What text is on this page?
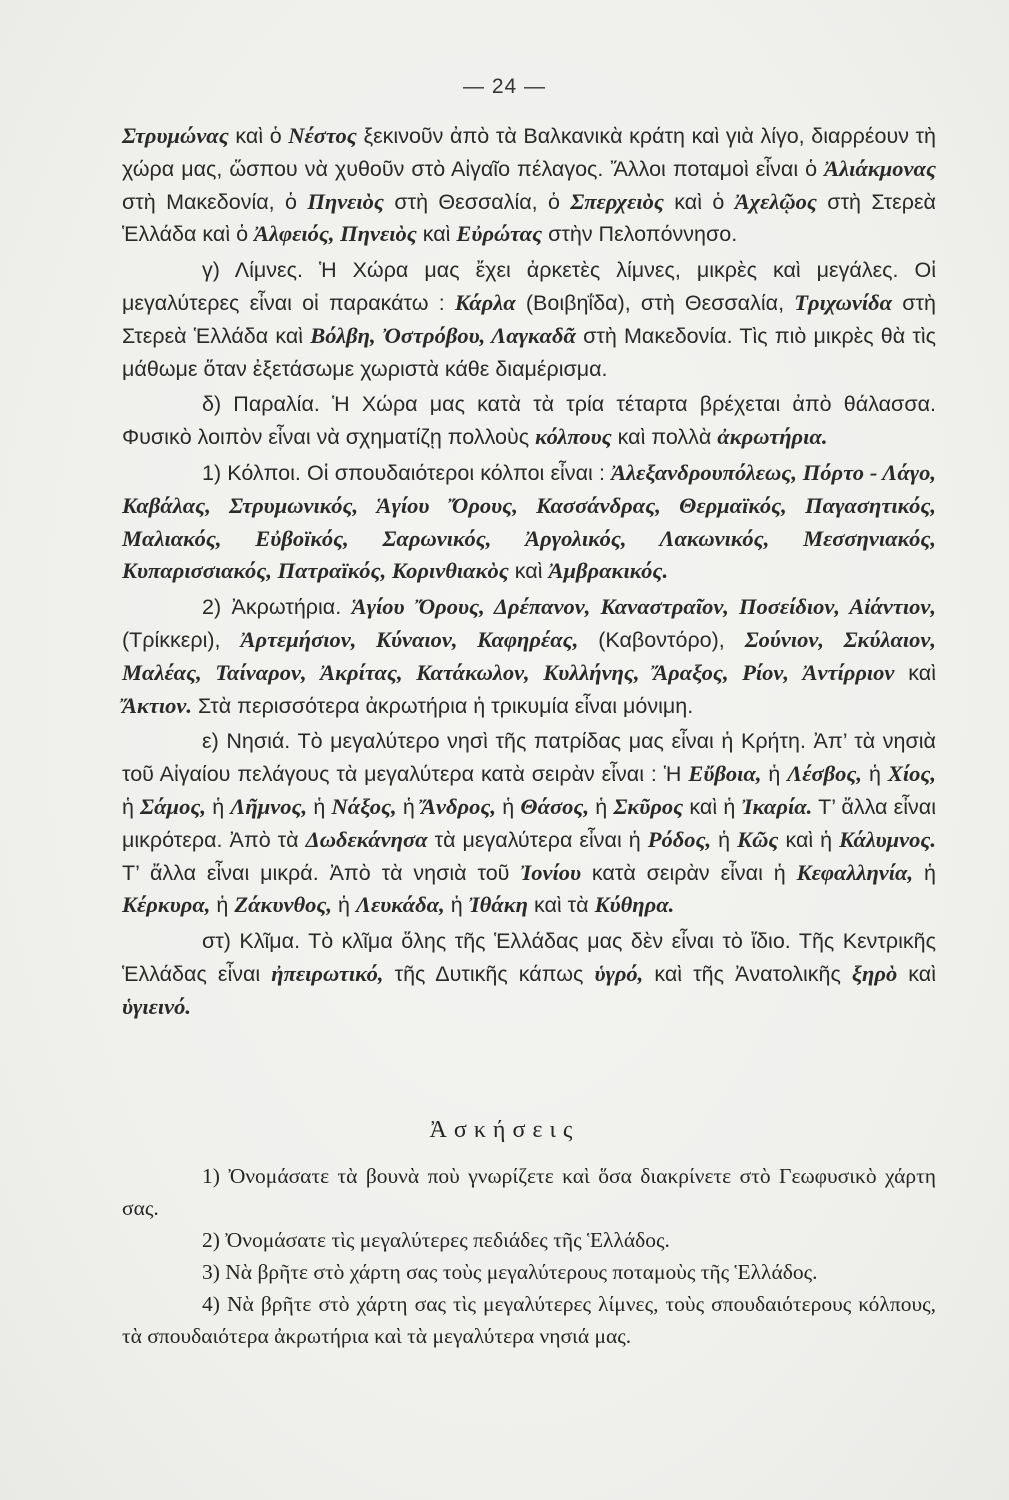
— 24 —

Στρυμώνας καὶ ὁ Νέστος ξεκινοῦν ἀπὸ τὰ Βαλκανικὰ κράτη καὶ γιὰ λίγο, διαρρέουν τὴ χώρα μας, ὥσπου νὰ χυθοῦν στὸ Αἰγαῖο πέλαγος. Ἄλλοι ποταμοὶ εἶναι ὁ Ἀλιάκμονας στὴ Μακεδονία, ὁ Πηνειὸς στὴ Θεσσαλία, ὁ Σπερχειὸς καὶ ὁ Ἀχελῷος στὴ Στερεὰ Ἑλλάδα καὶ ὁ Ἀλφειός, Πηνειὸς καὶ Εὐρώτας στὴν Πελοπόννησο.

γ) Λίμνες. Ἡ Χώρα μας ἔχει ἀρκετὲς λίμνες, μικρὲς καὶ μεγάλες. Οἱ μεγαλύτερες εἶναι οἱ παρακάτω : Κάρλα (Βοιβηΐδα), στὴ Θεσσαλία, Τριχωνίδα στὴ Στερεὰ Ἑλλάδα καὶ Βόλβη, Ὀστρόβου, Λαγκαδᾶ στὴ Μακεδονία. Τὶς πιὸ μικρὲς θὰ τὶς μάθωμε ὅταν ἐξετάσωμε χωριστὰ κάθε διαμέρισμα.

δ) Παραλία. Ἡ Χώρα μας κατὰ τὰ τρία τέταρτα βρέχεται ἀπὸ θάλασσα. Φυσικὸ λοιπὸν εἶναι νὰ σχηματίζῃ πολλοὺς κόλπους καὶ πολλὰ ἀκρωτήρια.

1) Κόλποι. Οἱ σπουδαιότεροι κόλποι εἶναι : Ἀλεξανδρουπόλεως, Πόρτο - Λάγο, Καβάλας, Στρυμωνικός, Ἁγίου Ὄρους, Κασσάνδρας, Θερμαϊκός, Παγασητικός, Μαλιακός, Εὐβοϊκός, Σαρωνικός, Ἀργολικός, Λακωνικός, Μεσσηνιακός, Κυπαρισσιακός, Πατραϊκός, Κορινθιακὸς καὶ Ἀμβρακικός.

2) Ἀκρωτήρια. Ἁγίου Ὄρους, Δρέπανον, Καναστραῖον, Ποσείδιον, Αἰάντιον, (Τρίκκερι), Ἀρτεμήσιον, Κύναιον, Καφηρέας, (Καβοντόρο), Σούνιον, Σκύλαιον, Μαλέας, Ταίναρον, Ἀκρίτας, Κατάκωλον, Κυλλήνης, Ἄραξος, Ρίον, Ἀντίρριον καὶ Ἄκτιον. Στὰ περισσότερα ἀκρωτήρια ἡ τρικυμία εἶναι μόνιμη.

ε) Νησιά. Τὸ μεγαλύτερο νησὶ τῆς πατρίδας μας εἶναι ἡ Κρήτη. Ἀπ’ τὰ νησιὰ τοῦ Αἰγαίου πελάγους τὰ μεγαλύτερα κατὰ σειρὰν εἶναι : Ἡ Εὔβοια, ἡ Λέσβος, ἡ Χίος, ἡ Σάμος, ἡ Λῆμνος, ἡ Νάξος, ἡ Ἄνδρος, ἡ Θάσος, ἡ Σκῦρος καὶ ἡ Ἰκαρία. Τ’ ἄλλα εἶναι μικρότερα. Ἀπὸ τὰ Δωδεκάνησα τὰ μεγαλύτερα εἶναι ἡ Ρόδος, ἡ Κῶς καὶ ἡ Κάλυμνος. Τ’ ἄλλα εἶναι μικρά. Ἀπὸ τὰ νησιὰ τοῦ Ἰονίου κατὰ σειρὰν εἶναι ἡ Κεφαλληνία, ἡ Κέρκυρα, ἡ Ζάκυνθος, ἡ Λευκάδα, ἡ Ἰθάκη καὶ τὰ Κύθηρα.

στ) Κλῖμα. Τὸ κλῖμα ὅλης τῆς Ἑλλάδας μας δὲν εἶναι τὸ ἴδιο. Τῆς Κεντρικῆς Ἑλλάδας εἶναι ἠπειρωτικό, τῆς Δυτικῆς κάπως ὑγρό, καὶ τῆς Ἀνατολικῆς ξηρὸ καὶ ὑγιεινό.

Ἀσκήσεις

1) Ὀνομάσατε τὰ βουνὰ ποὺ γνωρίζετε καὶ ὅσα διακρίνετε στὸ Γεωφυσικὸ χάρτη σας.

2) Ὀνομάσατε τὶς μεγαλύτερες πεδιάδες τῆς Ἑλλάδος.

3) Νὰ βρῆτε στὸ χάρτη σας τοὺς μεγαλύτερους ποταμοὺς τῆς Ἑλλάδος.

4) Νὰ βρῆτε στὸ χάρτη σας τὶς μεγαλύτερες λίμνες, τοὺς σπουδαιότερους κόλπους, τὰ σπουδαιότερα ἀκρωτήρια καὶ τὰ μεγαλύτερα νησιά μας.
